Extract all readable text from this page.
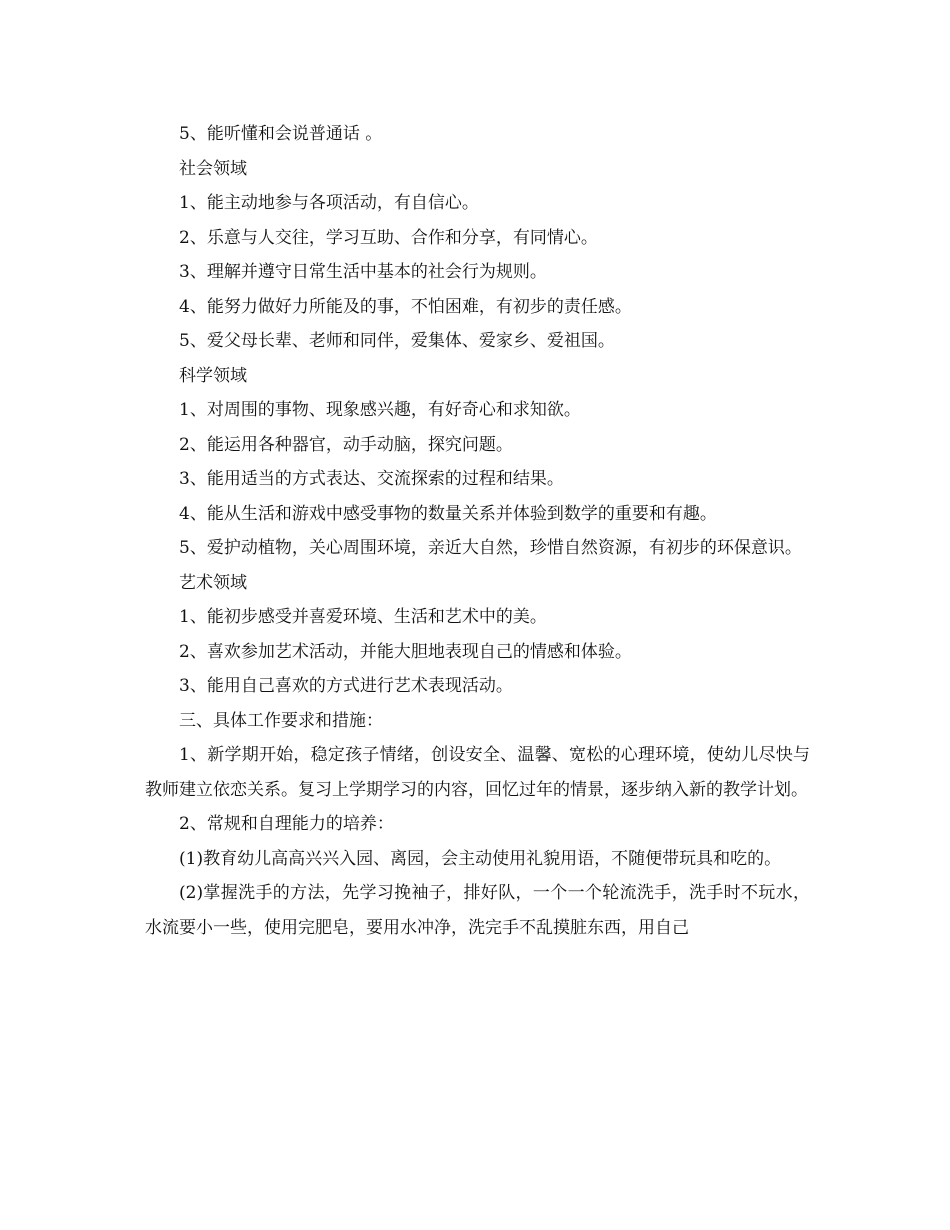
5、能听懂和会说普通话 。

社会领域

1、能主动地参与各项活动，有自信心。

2、乐意与人交往，学习互助、合作和分享，有同情心。

3、理解并遵守日常生活中基本的社会行为规则。

4、能努力做好力所能及的事，不怕困难，有初步的责任感。

5、爱父母长辈、老师和同伴，爱集体、爱家乡、爱祖国。

科学领域

1、对周围的事物、现象感兴趣，有好奇心和求知欲。

2、能运用各种器官，动手动脑，探究问题。

3、能用适当的方式表达、交流探索的过程和结果。

4、能从生活和游戏中感受事物的数量关系并体验到数学的重要和有趣。

5、爱护动植物，关心周围环境，亲近大自然，珍惜自然资源，有初步的环保意识。

艺术领域

1、能初步感受并喜爱环境、生活和艺术中的美。

2、喜欢参加艺术活动，并能大胆地表现自己的情感和体验。

3、能用自己喜欢的方式进行艺术表现活动。

三、具体工作要求和措施：

1、新学期开始，稳定孩子情绪，创设安全、温馨、宽松的心理环境，使幼儿尽快与教师建立依恋关系。复习上学期学习的内容，回忆过年的情景，逐步纳入新的教学计划。

2、常规和自理能力的培养：

(1)教育幼儿高高兴兴入园、离园，会主动使用礼貌用语，不随便带玩具和吃的。

(2)掌握洗手的方法，先学习挽袖子，排好队，一个一个轮流洗手，洗手时不玩水，水流要小一些，使用完肥皂，要用水冲净，洗完手不乱摸脏东西，用自己
